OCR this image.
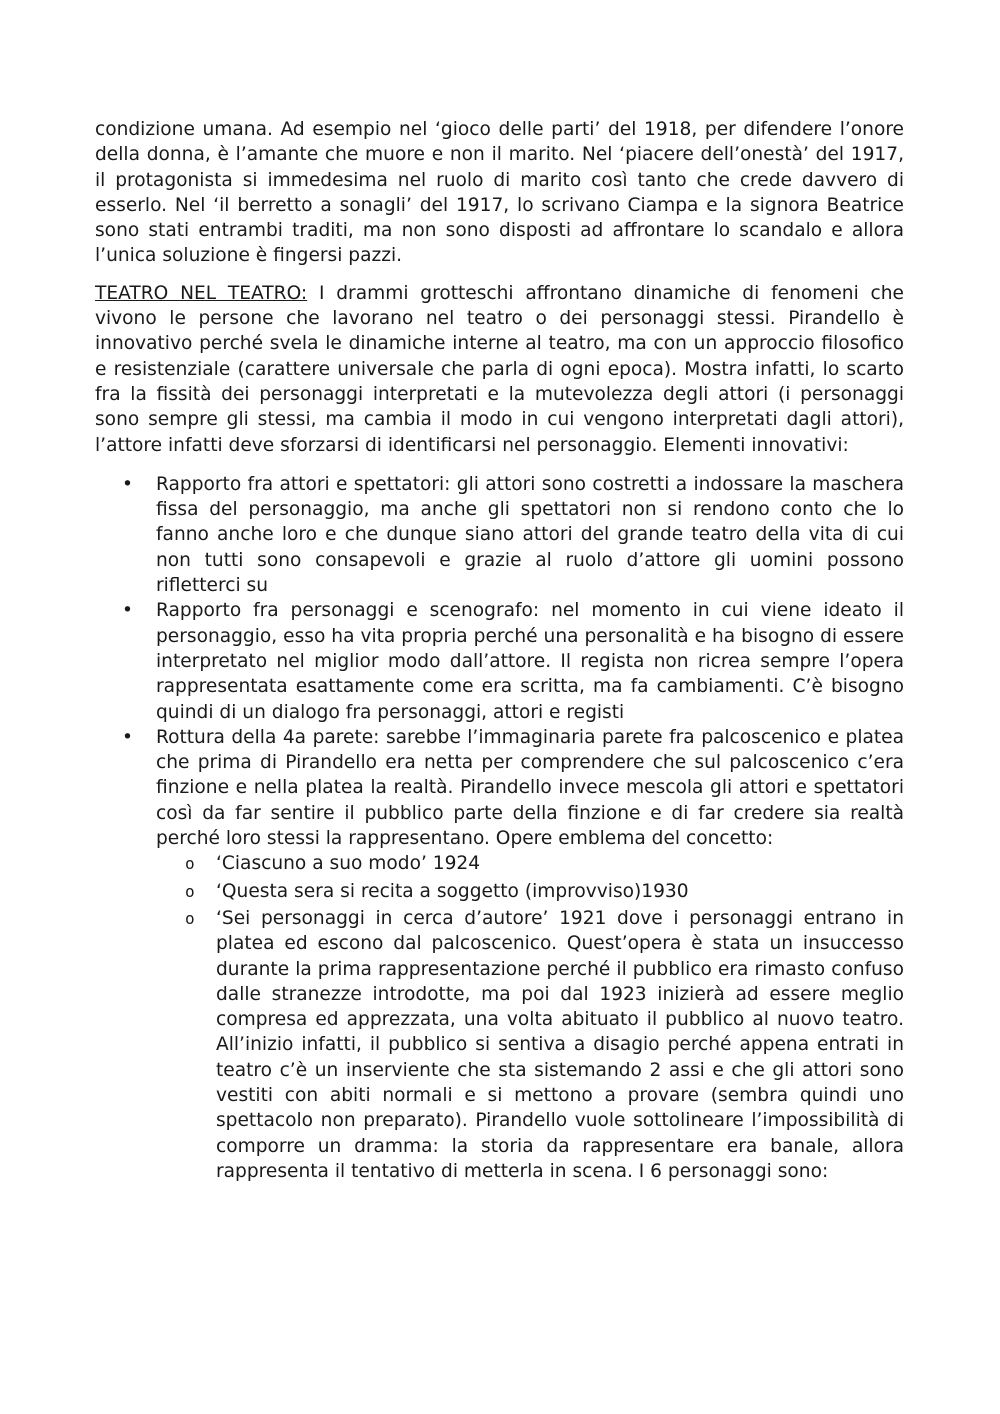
condizione umana. Ad esempio nel ‘gioco delle parti’ del 1918, per difendere l’onore della donna, è l’amante che muore e non il marito. Nel ‘piacere dell’onestà’ del 1917, il protagonista si immedesima nel ruolo di marito così tanto che crede davvero di esserlo. Nel ‘il berretto a sonagli’ del 1917, lo scrivano Ciampa e la signora Beatrice sono stati entrambi traditi, ma non sono disposti ad affrontare lo scandalo e allora l’unica soluzione è fingersi pazzi.

TEATRO NEL TEATRO: I drammi grotteschi affrontano dinamiche di fenomeni che vivono le persone che lavorano nel teatro o dei personaggi stessi. Pirandello è innovativo perché svela le dinamiche interne al teatro, ma con un approccio filosofico e resistenziale (carattere universale che parla di ogni epoca). Mostra infatti, lo scarto fra la fissità dei personaggi interpretati e la mutevolezza degli attori (i personaggi sono sempre gli stessi, ma cambia il modo in cui vengono interpretati dagli attori), l’attore infatti deve sforzarsi di identificarsi nel personaggio. Elementi innovativi:

• Rapporto fra attori e spettatori: gli attori sono costretti a indossare la maschera fissa del personaggio, ma anche gli spettatori non si rendono conto che lo fanno anche loro e che dunque siano attori del grande teatro della vita di cui non tutti sono consapevoli e grazie al ruolo d’attore gli uomini possono rifletterci su
• Rapporto fra personaggi e scenografo: nel momento in cui viene ideato il personaggio, esso ha vita propria perché una personalità e ha bisogno di essere interpretato nel miglior modo dall’attore. Il regista non ricrea sempre l’opera rappresentata esattamente come era scritta, ma fa cambiamenti. C’è bisogno quindi di un dialogo fra personaggi, attori e registi
• Rottura della 4a parete: sarebbe l’immaginaria parete fra palcoscenico e platea che prima di Pirandello era netta per comprendere che sul palcoscenico c’era finzione e nella platea la realtà. Pirandello invece mescola gli attori e spettatori così da far sentire il pubblico parte della finzione e di far credere sia realtà perché loro stessi la rappresentano. Opere emblema del concetto:
o ‘Ciascuno a suo modo’ 1924
o ‘Questa sera si recita a soggetto (improvviso)1930
o ‘Sei personaggi in cerca d’autore’ 1921 dove i personaggi entrano in platea ed escono dal palcoscenico. Quest’opera è stata un insuccesso durante la prima rappresentazione perché il pubblico era rimasto confuso dalle stranezze introdotte, ma poi dal 1923 inizierà ad essere meglio compresa ed apprezzata, una volta abituato il pubblico al nuovo teatro. All’inizio infatti, il pubblico si sentiva a disagio perché appena entrati in teatro c’è un inserviente che sta sistemando 2 assi e che gli attori sono vestiti con abiti normali e si mettono a provare (sembra quindi uno spettacolo non preparato). Pirandello vuole sottolineare l’impossibilità di comporre un dramma: la storia da rappresentare era banale, allora rappresenta il tentativo di metterla in scena. I 6 personaggi sono:
